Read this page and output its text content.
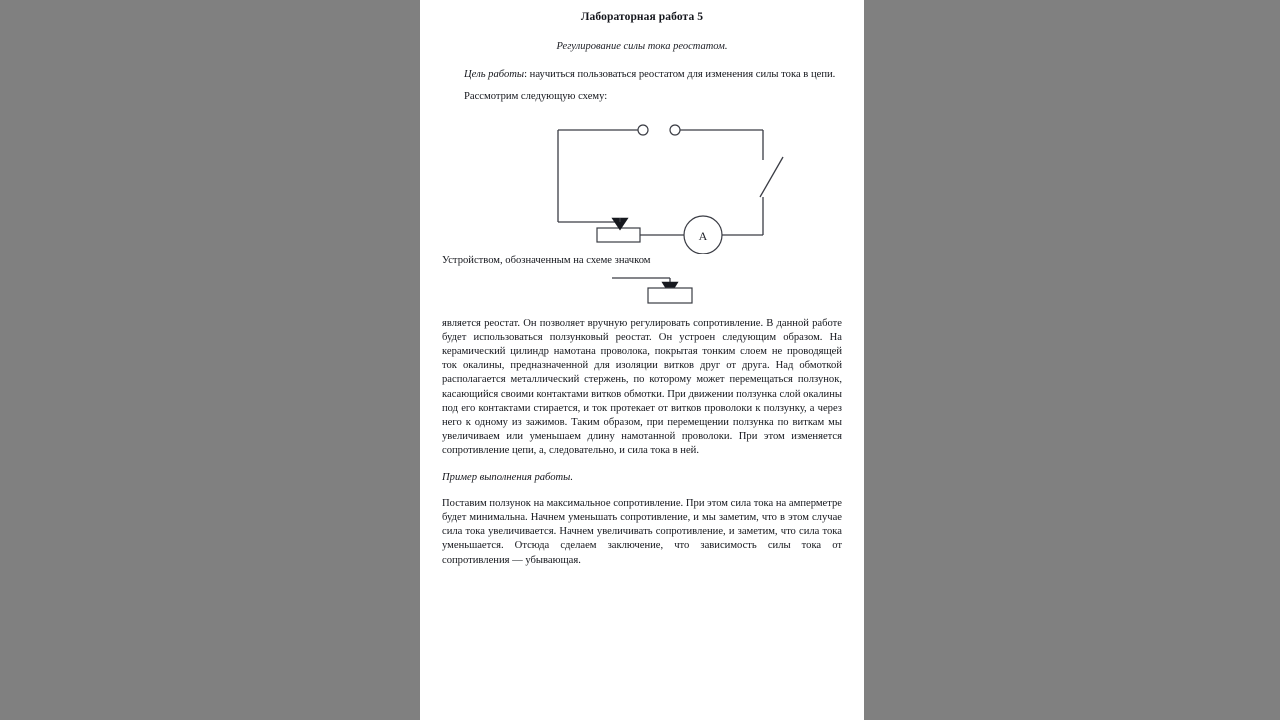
Лабораторная работа 5
Регулирование силы тока реостатом.

Цель работы: научиться пользоваться реостатом для изменения силы тока в цепи.

Рассмотрим следующую схему:

A

Устройством, обозначенным на схеме значком

является реостат. Он позволяет вручную регулировать сопротивление. В данной работе будет использоваться ползунковый реостат. Он устроен следующим образом. На керамический цилиндр намотана проволока, покрытая тонким слоем не проводящей ток окалины, предназначенной для изоляции витков друг от друга. Над обмоткой располагается металлический стержень, по которому может перемещаться ползунок, касающийся своими контактами витков обмотки. При движении ползунка слой окалины под его контактами стирается, и ток протекает от витков проволоки к ползунку, а через него к одному из зажимов. Таким образом, при перемещении ползунка по виткам мы увеличиваем или уменьшаем длину намотанной проволоки. При этом изменяется сопротивление цепи, а, следовательно, и сила тока в ней.

Пример выполнения работы.

Поставим ползунок на максимальное сопротивление. При этом сила тока на амперметре будет минимальна. Начнем уменьшать сопротивление, и мы заметим, что в этом случае сила тока увеличивается. Начнем увеличивать сопротивление, и заметим, что сила тока уменьшается. Отсюда сделаем заключение, что зависимость силы тока от сопротивления — убывающая.
